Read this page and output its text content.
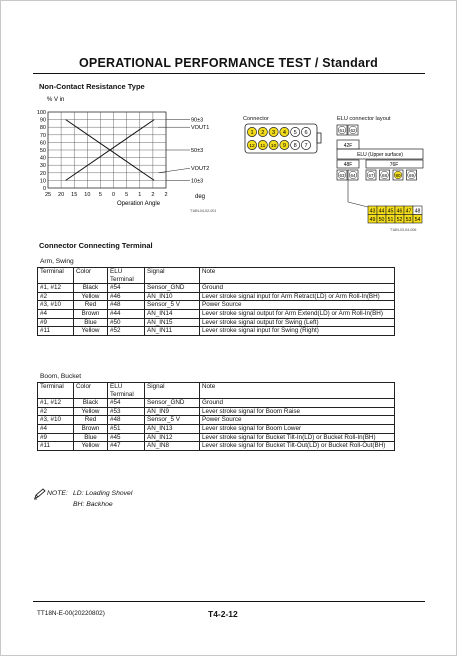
OPERATIONAL PERFORMANCE TEST / Standard
Non-Contact Resistance Type
% V in
100
90
80
70
60
50
40
30
20
10
0
25 20 15 10 5 0 5 1 2 2
90±3
VOUT1
50±3
VOUT2
10±3
Operation Angle
deg
T18N-04-02-001
Connector
1 2 3 4 5 6
12 11 10 9 8 7
ELU connector layout
61 62
42F
ELU (Upper surface)
48F	76F
63 64	67 68 80 69
43 44 45 46 47 48
49 50 51 52 53 54
T18N-03-04-006
Connector Connecting Terminal
Arm, Swing
Terminal	Color	ELU Terminal	Signal	Note
#1, #12	Black	#54	Sensor_GND	Ground
#2	Yellow	#46	AN_IN10	Lever stroke signal input for Arm Retract(LD) or Arm Roll-In(BH)
#3, #10	Red	#48	Sensor_5 V	Power Source
#4	Brown	#44	AN_IN14	Lever stroke signal output for Arm Extend(LD) or Arm Roll-In(BH)
#9	Blue	#50	AN_IN15	Lever stroke signal output for Swing (Left)
#11	Yellow	#52	AN_IN11	Lever stroke signal input for Swing (Right)
Boom, Bucket
Terminal	Color	ELU Terminal	Signal	Note
#1, #12	Black	#54	Sensor_GND	Ground
#2	Yellow	#53	AN_IN9	Lever stroke signal for Boom Raise
#3, #10	Red	#48	Sensor_5 V	Power Source
#4	Brown	#51	AN_IN13	Lever stroke signal for Boom Lower
#9	Blue	#45	AN_IN12	Lever stroke signal for Bucket Tilt-In(LD) or Bucket Roll-In(BH)
#11	Yellow	#47	AN_IN8	Lever stroke signal for Bucket Tilt-Out(LD) or Bucket Roll-Out(BH)
NOTE: LD: Loading Shovel
BH: Backhoe
TT18N-E-00(20220802)	T4-2-12
